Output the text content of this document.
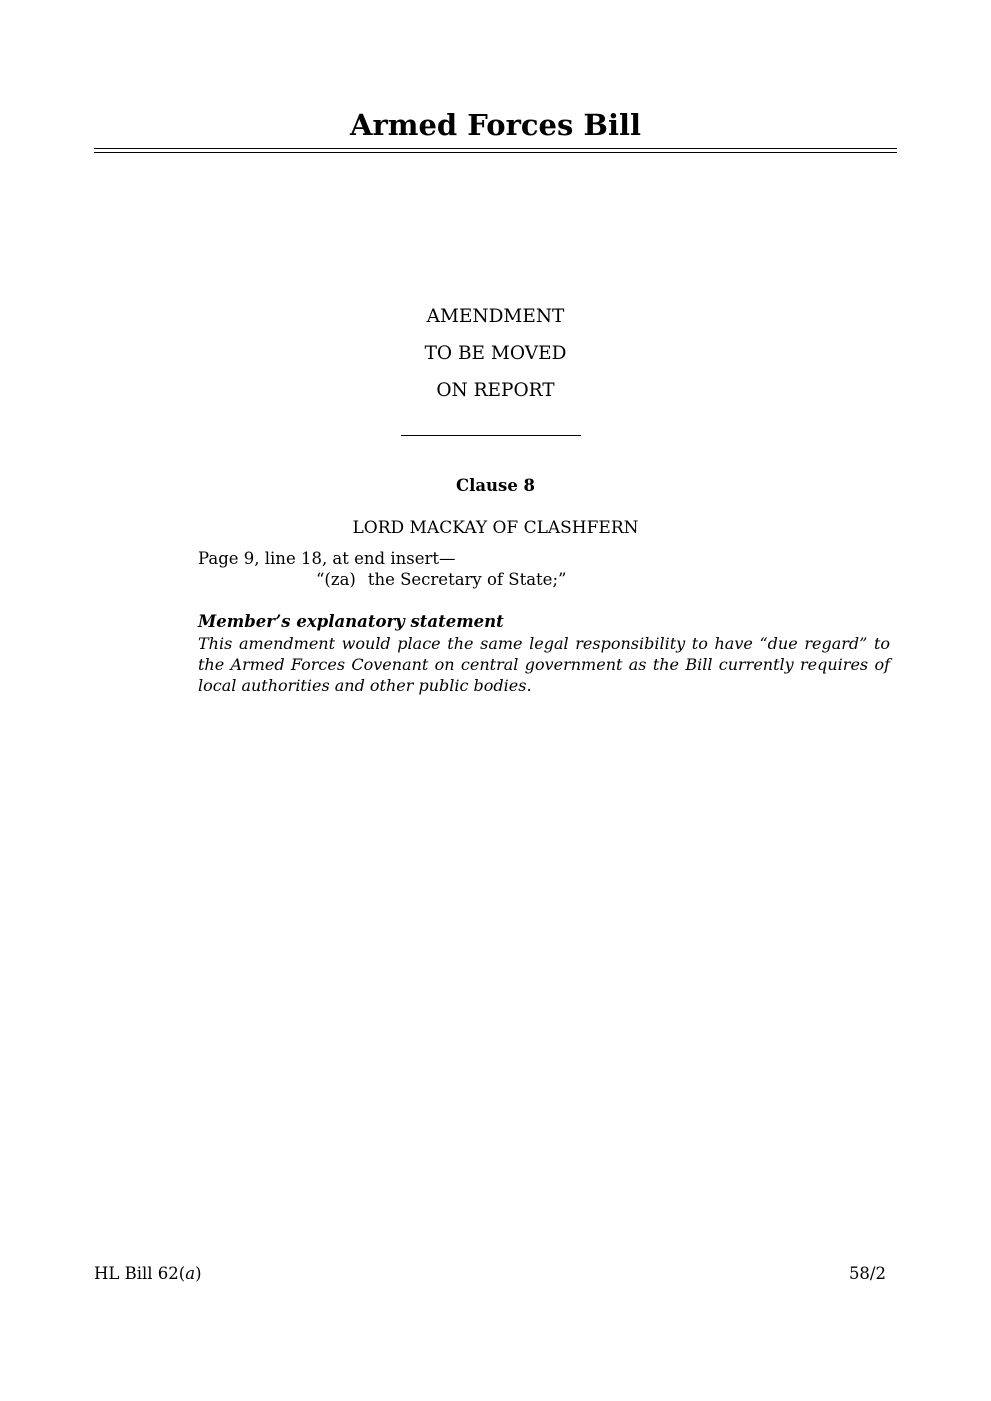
Armed Forces Bill
AMENDMENT
TO BE MOVED
ON REPORT
Clause 8
LORD MACKAY OF CLASHFERN
Page 9, line 18, at end insert—
“(za) the Secretary of State;”
Member’s explanatory statement
This amendment would place the same legal responsibility to have “due regard” to the Armed Forces Covenant on central government as the Bill currently requires of local authorities and other public bodies.
HL Bill 62(a)	58/2
